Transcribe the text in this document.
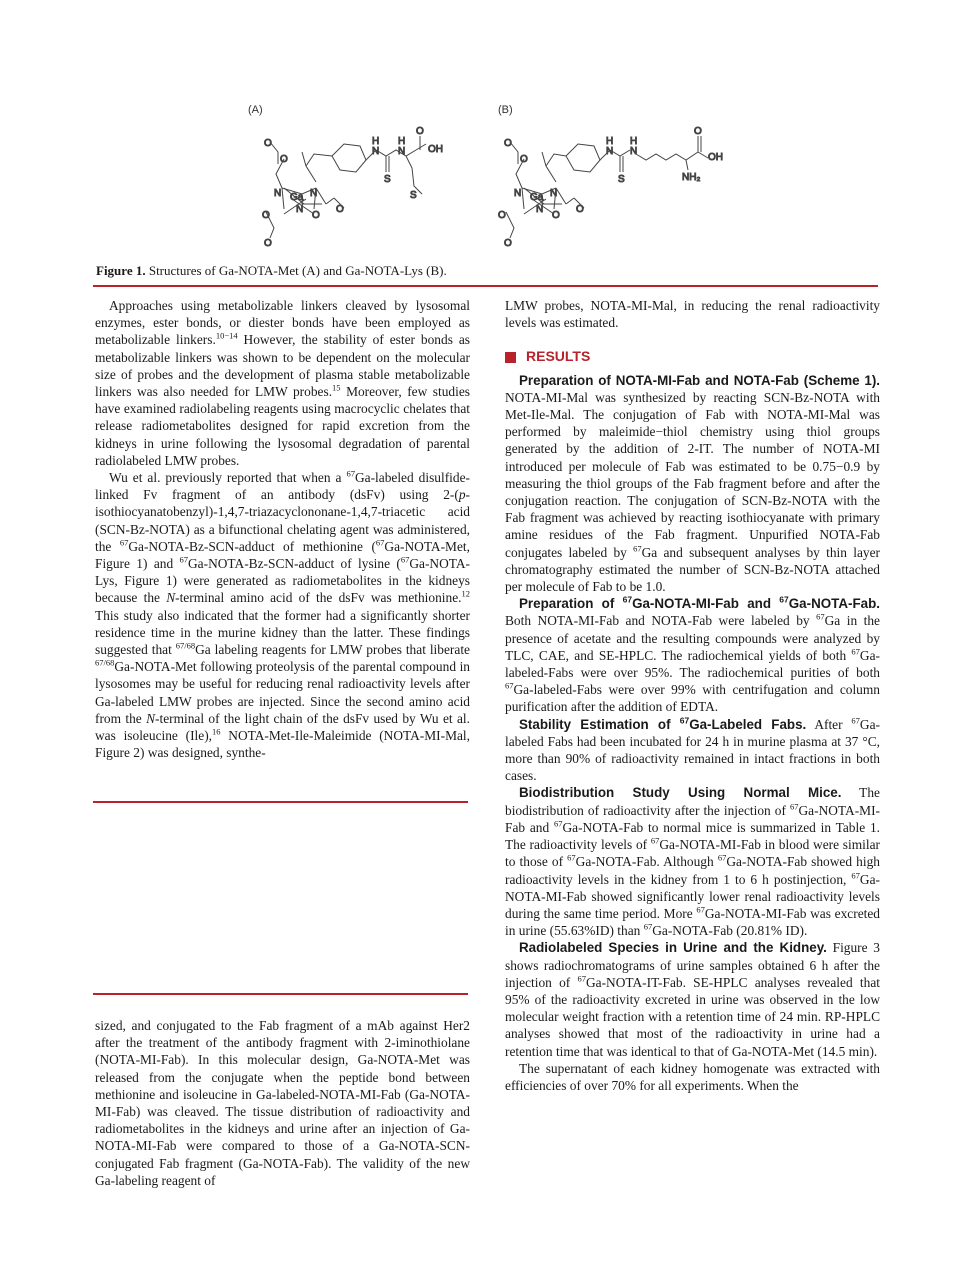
(A)
O
O
N Ga N
N
O	O
O
O
H
N
H
N
S
O
OH
S
(B)
O
O
N Ga N
N
O	O
O
O
H
N
H
N
S
O
OH
NH₂
Figure 1. Structures of Ga-NOTA-Met (A) and Ga-NOTA-Lys (B).

Approaches using metabolizable linkers cleaved by lysosomal enzymes, ester bonds, or diester bonds have been employed as metabolizable linkers.$^{10-14}$ However, the stability of ester bonds as metabolizable linkers was shown to be dependent on the molecular size of probes and the development of plasma stable metabolizable linkers was also needed for LMW probes.$^{15}$ Moreover, few studies have examined radiolabeling reagents using macrocyclic chelates that release radiometabolites designed for rapid excretion from the kidneys in urine following the lysosomal degradation of parental radiolabeled LMW probes.

Wu et al. previously reported that when a $^{67}$Ga-labeled disulfide-linked Fv fragment of an antibody (dsFv) using 2-(p-isothiocyanatobenzyl)-1,4,7-triazacyclononane-1,4,7-triacetic acid (SCN-Bz-NOTA) as a bifunctional chelating agent was administered, the $^{67}$Ga-NOTA-Bz-SCN-adduct of methionine ($^{67}$Ga-NOTA-Met, Figure 1) and $^{67}$Ga-NOTA-Bz-SCN-adduct of lysine ($^{67}$Ga-NOTA-Lys, Figure 1) were generated as radiometabolites in the kidneys because the N-terminal amino acid of the dsFv was methionine.$^{12}$ This study also indicated that the former had a significantly shorter residence time in the murine kidney than the latter. These findings suggested that $^{67/68}$Ga labeling reagents for LMW probes that liberate $^{67/68}$Ga-NOTA-Met following proteolysis of the parental compound in lysosomes may be useful for reducing renal radioactivity levels after Ga-labeled LMW probes are injected. Since the second amino acid from the N-terminal of the light chain of the dsFv used by Wu et al. was isoleucine (Ile),$^{16}$ NOTA-Met-Ile-Maleimide (NOTA-MI-Mal, Figure 2) was designed, synthe-

sized, and conjugated to the Fab fragment of a mAb against Her2 after the treatment of the antibody fragment with 2-iminothiolane (NOTA-MI-Fab). In this molecular design, Ga-NOTA-Met was released from the conjugate when the peptide bond between methionine and isoleucine in Ga-labeled-NOTA-MI-Fab (Ga-NOTA-MI-Fab) was cleaved. The tissue distribution of radioactivity and radiometabolites in the kidneys and urine after an injection of Ga-NOTA-MI-Fab were compared to those of a Ga-NOTA-SCN-conjugated Fab fragment (Ga-NOTA-Fab). The validity of the new Ga-labeling reagent of

LMW probes, NOTA-MI-Mal, in reducing the renal radioactivity levels was estimated.

RESULTS

Preparation of NOTA-MI-Fab and NOTA-Fab (Scheme 1). NOTA-MI-Mal was synthesized by reacting SCN-Bz-NOTA with Met-Ile-Mal. The conjugation of Fab with NOTA-MI-Mal was performed by maleimide−thiol chemistry using thiol groups generated by the addition of 2-IT. The number of NOTA-MI introduced per molecule of Fab was estimated to be 0.75−0.9 by measuring the thiol groups of the Fab fragment before and after the conjugation reaction. The conjugation of SCN-Bz-NOTA with the Fab fragment was achieved by reacting isothiocyanate with primary amine residues of the Fab fragment. Unpurified NOTA-Fab conjugates labeled by $^{67}$Ga and subsequent analyses by thin layer chromatography estimated the number of SCN-Bz-NOTA attached per molecule of Fab to be 1.0.

Preparation of $^{67}$Ga-NOTA-MI-Fab and $^{67}$Ga-NOTA-Fab. Both NOTA-MI-Fab and NOTA-Fab were labeled by $^{67}$Ga in the presence of acetate and the resulting compounds were analyzed by TLC, CAE, and SE-HPLC. The radiochemical yields of both $^{67}$Ga-labeled-Fabs were over 95%. The radiochemical purities of both $^{67}$Ga-labeled-Fabs were over 99% with centrifugation and column purification after the addition of EDTA.

Stability Estimation of $^{67}$Ga-Labeled Fabs. After $^{67}$Ga-labeled Fabs had been incubated for 24 h in murine plasma at 37 °C, more than 90% of radioactivity remained in intact fractions in both cases.

Biodistribution Study Using Normal Mice. The biodistribution of radioactivity after the injection of $^{67}$Ga-NOTA-MI-Fab and $^{67}$Ga-NOTA-Fab to normal mice is summarized in Table 1. The radioactivity levels of $^{67}$Ga-NOTA-MI-Fab in blood were similar to those of $^{67}$Ga-NOTA-Fab. Although $^{67}$Ga-NOTA-Fab showed high radioactivity levels in the kidney from 1 to 6 h postinjection, $^{67}$Ga-NOTA-MI-Fab showed significantly lower renal radioactivity levels during the same time period. More $^{67}$Ga-NOTA-MI-Fab was excreted in urine (55.63%ID) than $^{67}$Ga-NOTA-Fab (20.81% ID).

Radiolabeled Species in Urine and the Kidney. Figure 3 shows radiochromatograms of urine samples obtained 6 h after the injection of $^{67}$Ga-NOTA-IT-Fab. SE-HPLC analyses revealed that 95% of the radioactivity excreted in urine was observed in the low molecular weight fraction with a retention time of 24 min. RP-HPLC analyses showed that most of the radioactivity in urine had a retention time that was identical to that of Ga-NOTA-Met (14.5 min).

The supernatant of each kidney homogenate was extracted with efficiencies of over 70% for all experiments. When the
